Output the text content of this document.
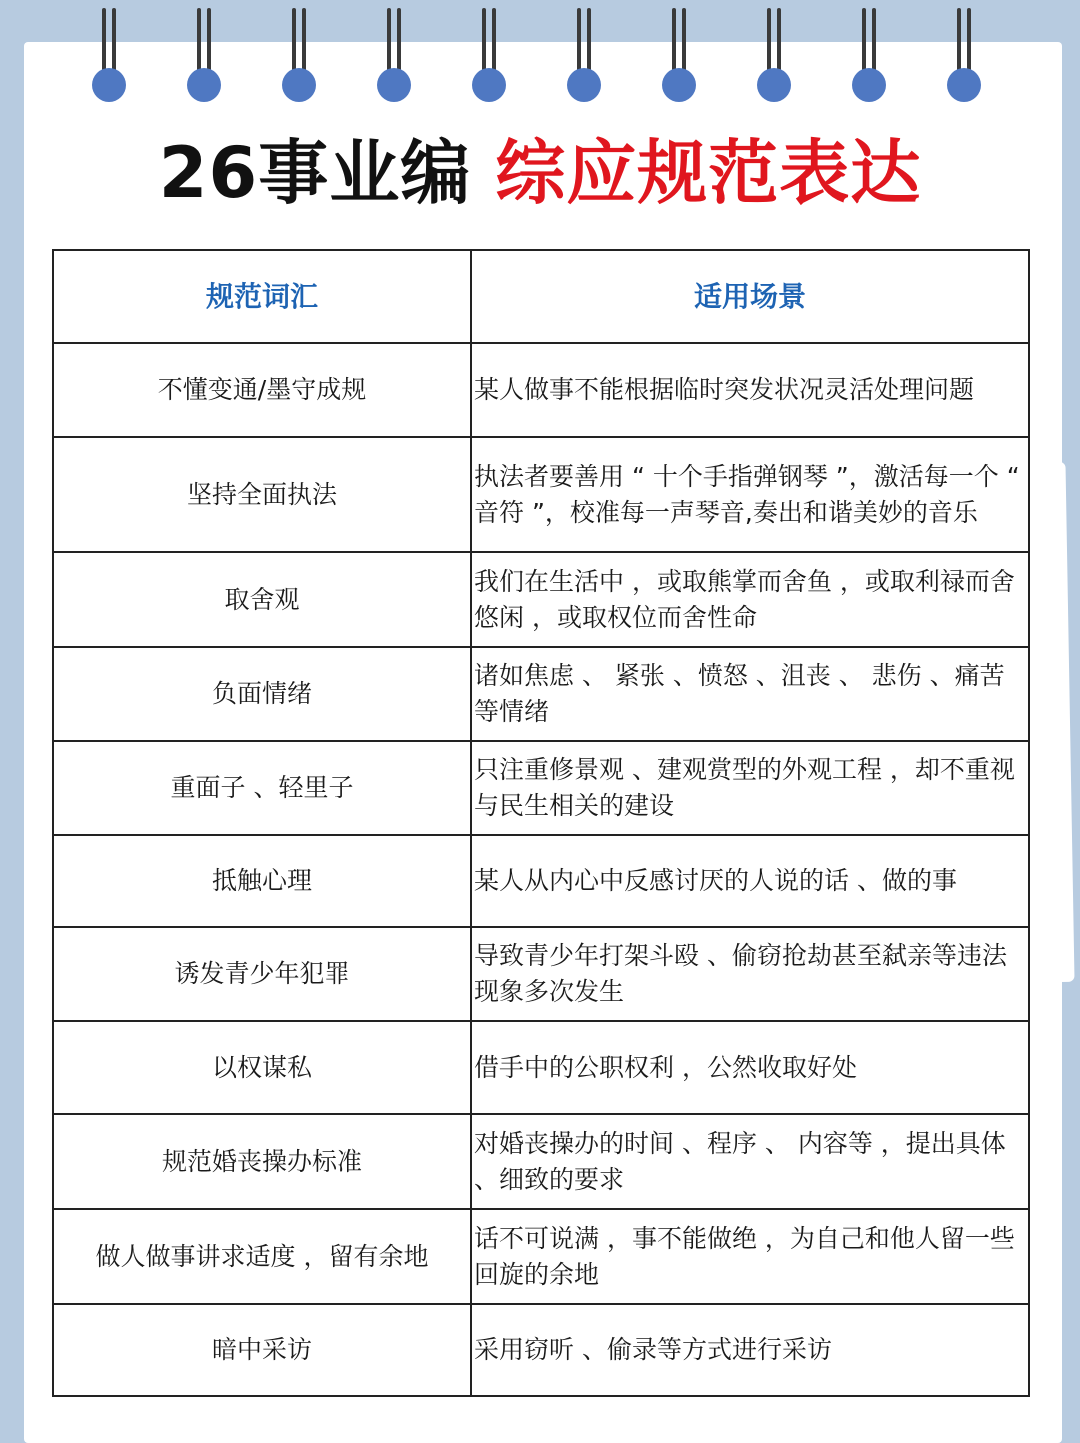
26事业编 综应规范表达
规范词汇	适用场景
不懂变通/墨守成规	某人做事不能根据临时突发状况灵活处理问题
坚持全面执法	执法者要善用 “ 十个手指弹钢琴 ”，激活每一个 “ 音符 ”，校准每一声琴音,奏出和谐美妙的音乐
取舍观	我们在生活中 ，或取熊掌而舍鱼 ，或取利禄而舍悠闲 ，或取权位而舍性命
负面情绪	诸如焦虑 、 紧张 、愤怒 、沮丧 、 悲伤 、痛苦等情绪
重面子 、轻里子	只注重修景观 、建观赏型的外观工程 ，却不重视与民生相关的建设
抵触心理	某人从内心中反感讨厌的人说的话 、做的事
诱发青少年犯罪	导致青少年打架斗殴 、偷窃抢劫甚至弑亲等违法现象多次发生
以权谋私	借手中的公职权利 ，公然收取好处
规范婚丧操办标准	对婚丧操办的时间 、程序 、 内容等 ，提出具体 、细致的要求
做人做事讲求适度 ，留有余地	话不可说满 ，事不能做绝 ，为自己和他人留一些回旋的余地
暗中采访	采用窃听 、偷录等方式进行采访
